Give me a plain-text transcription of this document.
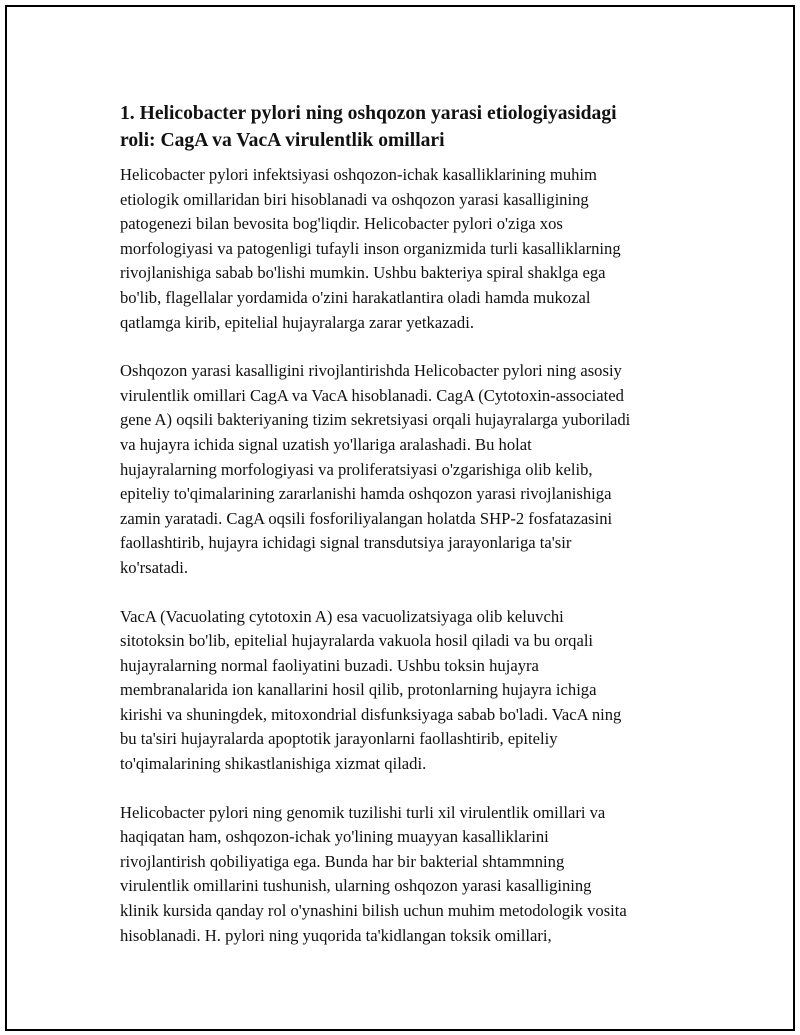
1. Helicobacter pylori ning oshqozon yarasi etiologiyasidagi
roli: CagA va VacA virulentlik omillari
Helicobacter pylori infektsiyasi oshqozon-ichak kasalliklarining muhim
etiologik omillaridan biri hisoblanadi va oshqozon yarasi kasalligining
patogenezi bilan bevosita bog'liqdir. Helicobacter pylori o'ziga xos
morfologiyasi va patogenligi tufayli inson organizmida turli kasalliklarning
rivojlanishiga sabab bo'lishi mumkin. Ushbu bakteriya spiral shaklga ega
bo'lib, flagellalar yordamida o'zini harakatlantira oladi hamda mukozal
qatlamga kirib, epitelial hujayralarga zarar yetkazadi.
Oshqozon yarasi kasalligini rivojlantirishda Helicobacter pylori ning asosiy
virulentlik omillari CagA va VacA hisoblanadi. CagA (Cytotoxin-associated
gene A) oqsili bakteriyaning tizim sekretsiyasi orqali hujayralarga yuboriladi
va hujayra ichida signal uzatish yo'llariga aralashadi. Bu holat
hujayralarning morfologiyasi va proliferatsiyasi o'zgarishiga olib kelib,
epiteliy to'qimalarining zararlanishi hamda oshqozon yarasi rivojlanishiga
zamin yaratadi. CagA oqsili fosforiliyalangan holatda SHP-2 fosfatazasini
faollashtirib, hujayra ichidagi signal transdutsiya jarayonlariga ta'sir
ko'rsatadi.
VacA (Vacuolating cytotoxin A) esa vacuolizatsiyaga olib keluvchi
sitotoksin bo'lib, epitelial hujayralarda vakuola hosil qiladi va bu orqali
hujayralarning normal faoliyatini buzadi. Ushbu toksin hujayra
membranalarida ion kanallarini hosil qilib, protonlarning hujayra ichiga
kirishi va shuningdek, mitoxondrial disfunksiyaga sabab bo'ladi. VacA ning
bu ta'siri hujayralarda apoptotik jarayonlarni faollashtirib, epiteliy
to'qimalarining shikastlanishiga xizmat qiladi.
Helicobacter pylori ning genomik tuzilishi turli xil virulentlik omillari va
haqiqatan ham, oshqozon-ichak yo'lining muayyan kasalliklarini
rivojlantirish qobiliyatiga ega. Bunda har bir bakterial shtammning
virulentlik omillarini tushunish, ularning oshqozon yarasi kasalligining
klinik kursida qanday rol o'ynashini bilish uchun muhim metodologik vosita
hisoblanadi. H. pylori ning yuqorida ta'kidlangan toksik omillari,
